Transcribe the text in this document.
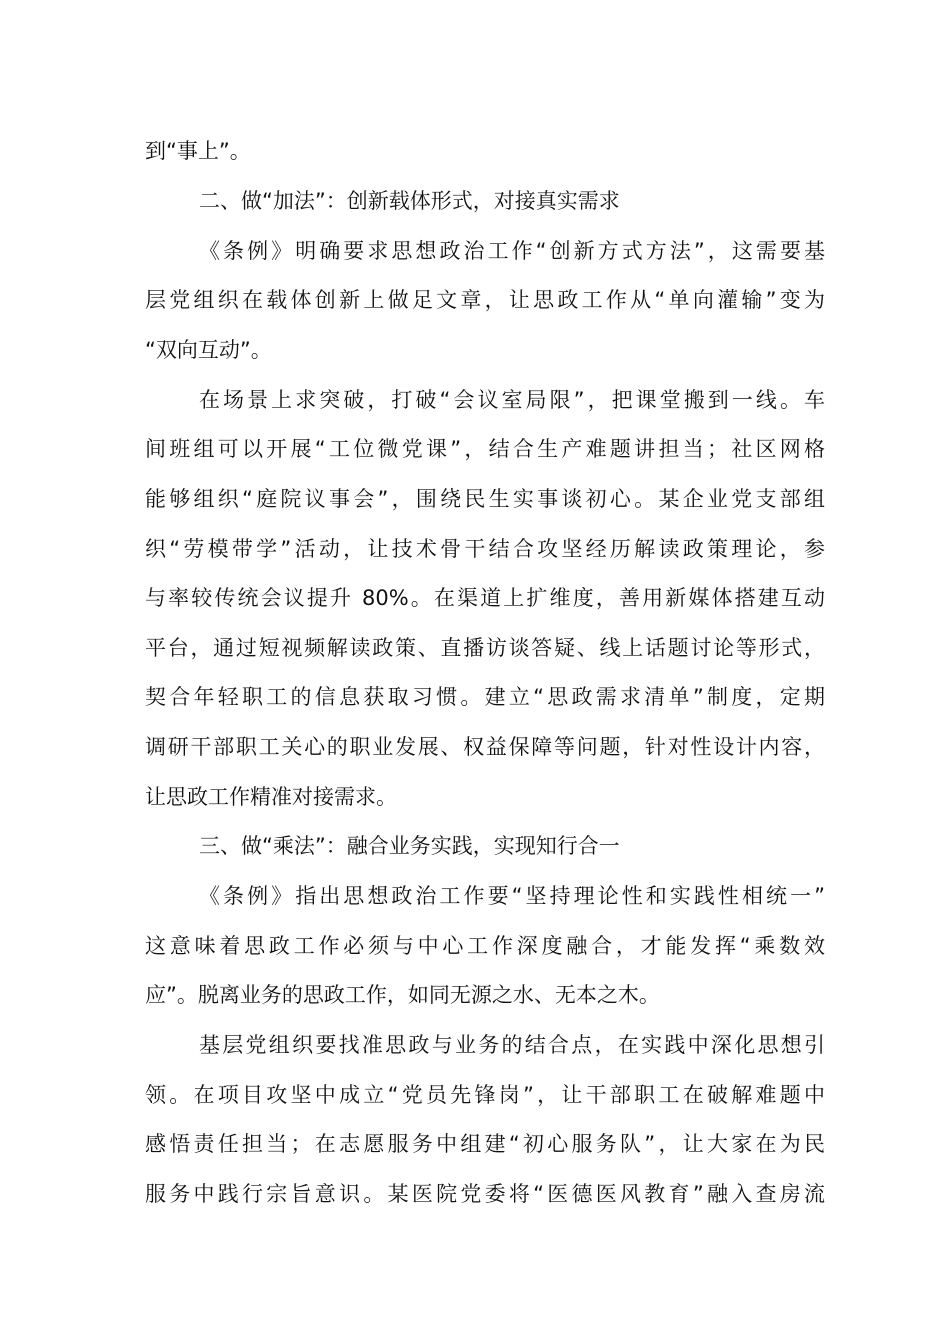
到“事上”。
二、做“加法”：创新载体形式，对接真实需求
《条例》明确要求思想政治工作“创新方式方法”，这需要基
层党组织在载体创新上做足文章，让思政工作从“单向灌输”变为
“双向互动”。
在场景上求突破，打破“会议室局限”，把课堂搬到一线。车
间班组可以开展“工位微党课”，结合生产难题讲担当；社区网格
能够组织“庭院议事会”，围绕民生实事谈初心。某企业党支部组
织“劳模带学”活动，让技术骨干结合攻坚经历解读政策理论，参
与率较传统会议提升 80%。在渠道上扩维度，善用新媒体搭建互动
平台，通过短视频解读政策、直播访谈答疑、线上话题讨论等形式，
契合年轻职工的信息获取习惯。建立“思政需求清单”制度，定期
调研干部职工关心的职业发展、权益保障等问题，针对性设计内容，
让思政工作精准对接需求。
三、做“乘法”：融合业务实践，实现知行合一
《条例》指出思想政治工作要“坚持理论性和实践性相统一”
这意味着思政工作必须与中心工作深度融合，才能发挥“乘数效
应”。脱离业务的思政工作，如同无源之水、无本之木。
基层党组织要找准思政与业务的结合点，在实践中深化思想引
领。在项目攻坚中成立“党员先锋岗”，让干部职工在破解难题中
感悟责任担当；在志愿服务中组建“初心服务队”，让大家在为民
服务中践行宗旨意识。某医院党委将“医德医风教育”融入查房流
